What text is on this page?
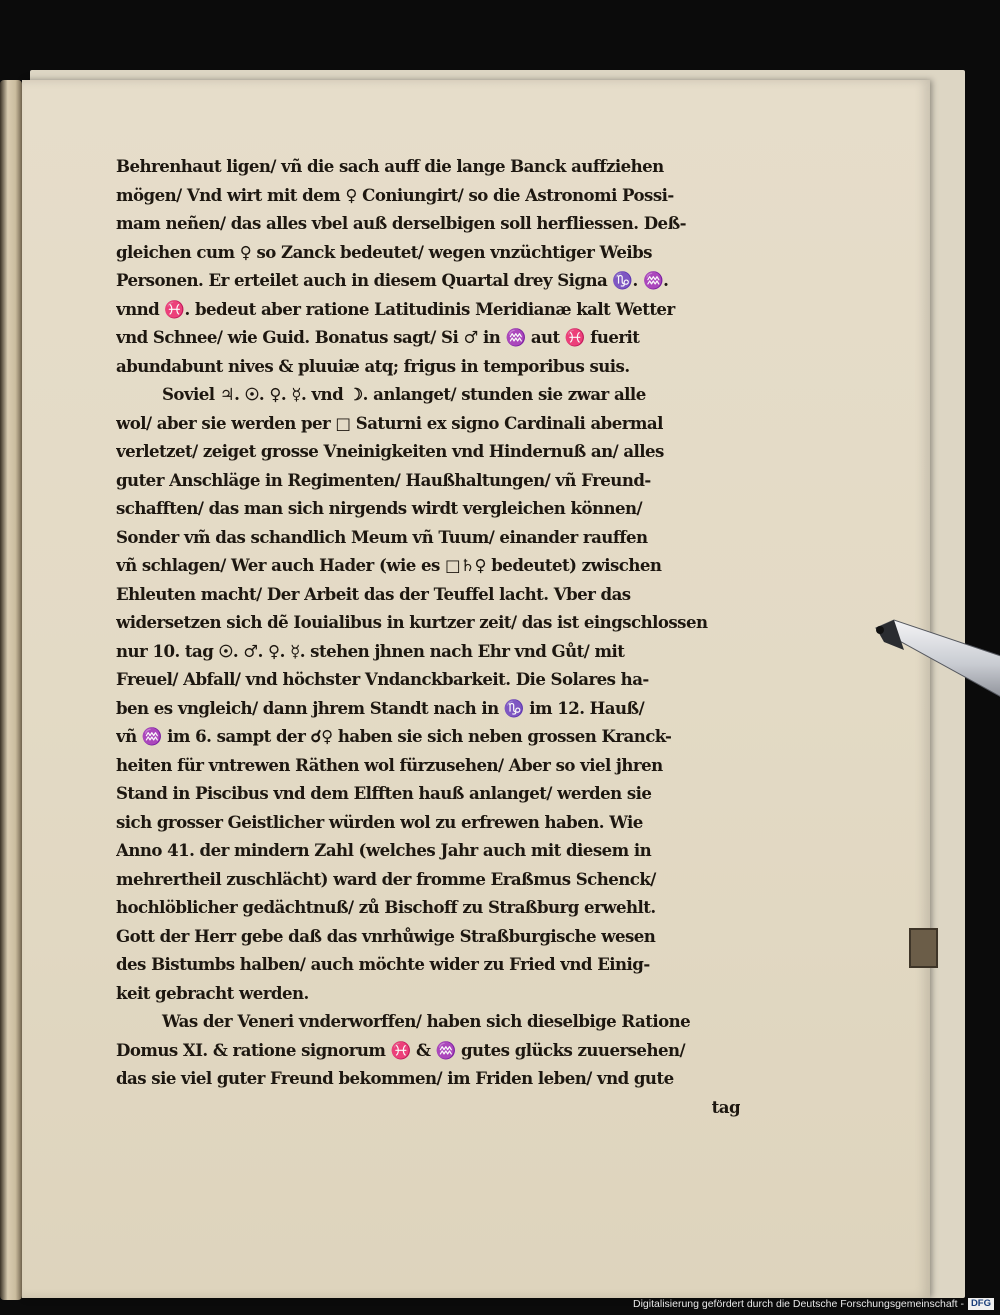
Behrenhaut ligen/ vñ die sach auff die lange Banck auffziehen
mögen/ Vnd wirt mit dem ♀ Coniungirt/ so die Astronomi Possi-
mam neñen/ das alles vbel auß derselbigen soll herfliessen. Deß-
gleichen cum ♀ so Zanck bedeutet/ wegen vnzüchtiger Weibs
Personen. Er erteilet auch in diesem Quartal drey Signa ♑. ♒.
vnnd ♓. bedeut aber ratione Latitudinis Meridianæ kalt Wetter
vnd Schnee/ wie Guid. Bonatus sagt/ Si ♂ in ♒ aut ♓ fuerit
abundabunt nives & pluuiæ atq; frigus in temporibus suis.
Soviel ♃. ☉. ♀. ☿. vnd ☽. anlanget/ stunden sie zwar alle
wol/ aber sie werden per □ Saturni ex signo Cardinali abermal
verletzet/ zeiget grosse Vneinigkeiten vnd Hindernuß an/ alles
guter Anschläge in Regimenten/ Haußhaltungen/ vñ Freund-
schafften/ das man sich nirgends wirdt vergleichen können/
Sonder vm̃ das schandlich Meum vñ Tuum/ einander rauffen
vñ schlagen/ Wer auch Hader (wie es □♄♀ bedeutet) zwischen
Ehleuten macht/ Der Arbeit das der Teuffel lacht. Vber das
widersetzen sich dẽ Iouialibus in kurtzer zeit/ das ist eingschlossen
nur 10. tag ☉. ♂. ♀. ☿. stehen jhnen nach Ehr vnd Gůt/ mit
Freuel/ Abfall/ vnd höchster Vndanckbarkeit. Die Solares ha-
ben es vngleich/ dann jhrem Standt nach in ♑ im 12. Hauß/
vñ ♒ im 6. sampt der ☌♀ haben sie sich neben grossen Kranck-
heiten für vntrewen Räthen wol fürzusehen/ Aber so viel jhren
Stand in Piscibus vnd dem Elfften hauß anlanget/ werden sie
sich grosser Geistlicher würden wol zu erfrewen haben. Wie
Anno 41. der mindern Zahl (welches Jahr auch mit diesem in
mehrertheil zuschlächt) ward der fromme Eraßmus Schenck/
hochlöblicher gedächtnuß/ zů Bischoff zu Straßburg erwehlt.
Gott der Herr gebe daß das vnrhůwige Straßburgische wesen
des Bistumbs halben/ auch möchte wider zu Fried vnd Einig-
keit gebracht werden.
Was der Veneri vnderworffen/ haben sich dieselbige Ratione
Domus XI. & ratione signorum ♓ & ♒ gutes glücks zuuersehen/
das sie viel guter Freund bekommen/ im Friden leben/ vnd gute
tag
Digitalisierung gefördert durch die Deutsche Forschungsgemeinschaft - DFG
